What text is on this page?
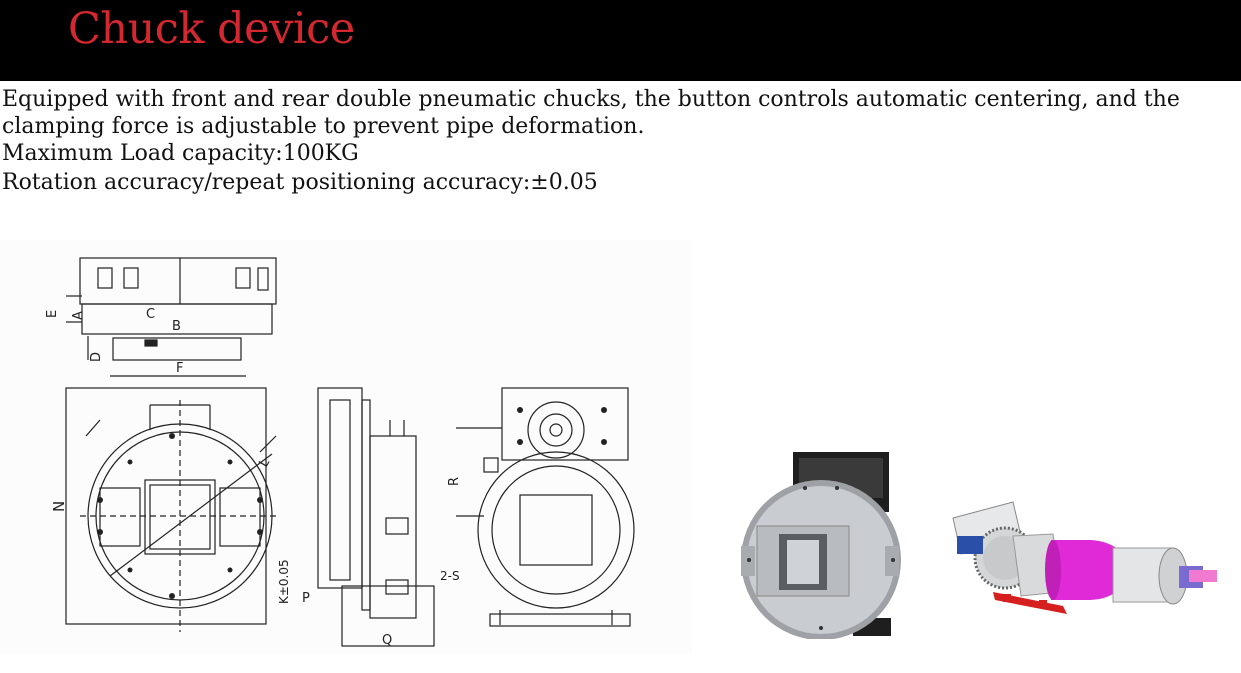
Chuck device
Equipped with front and rear double pneumatic chucks, the button controls automatic centering, and the clamping force is adjustable to prevent pipe deformation.
Maximum Load capacity:100KG
Rotation accuracy/repeat positioning accuracy:±0.05
E A	C
B
D
F
N
L
K±0.05 P
Q
R
2-S
